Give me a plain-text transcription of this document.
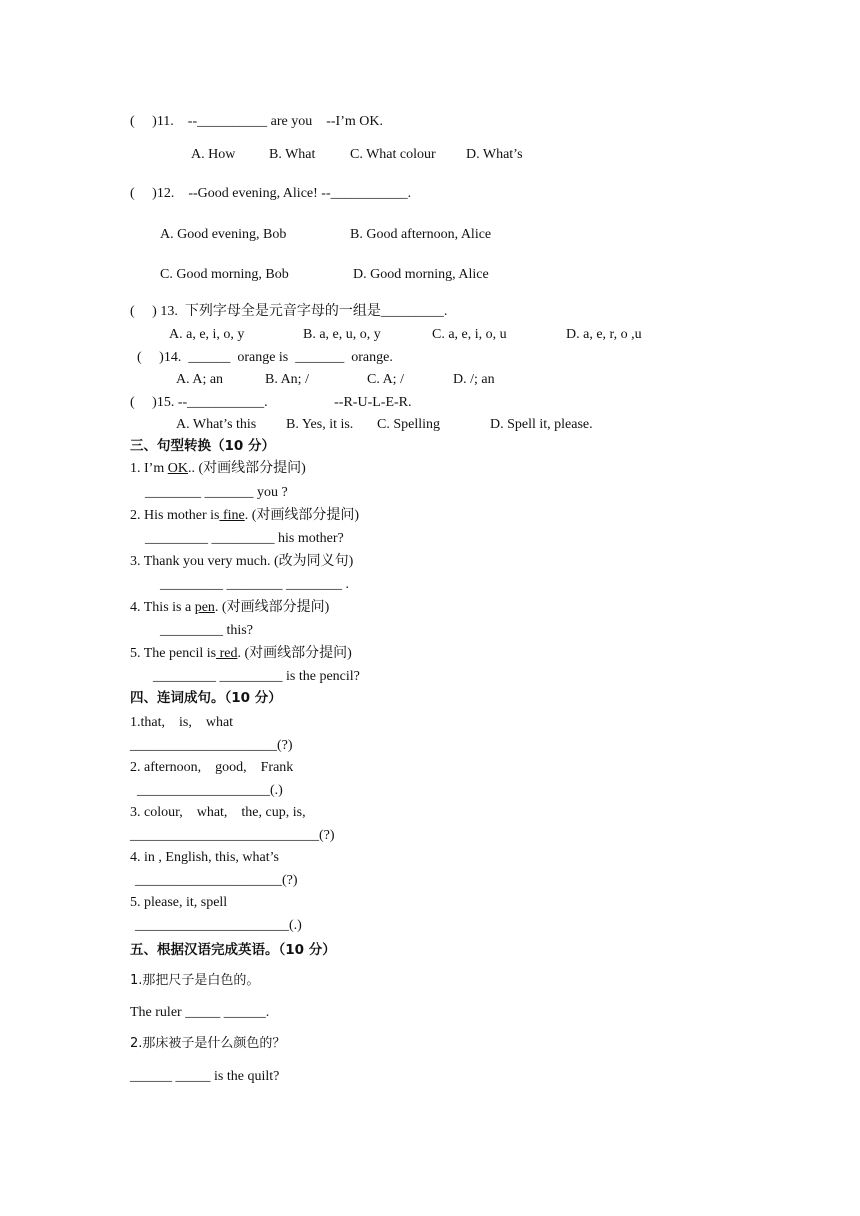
(     )11.    --__________ are you    --I’m OK.
A. How B. What C. What colour D. What’s
(     )12.    --Good evening, Alice! --___________.
A. Good evening, Bob	B. Good afternoon, Alice
C. Good morning, Bob	D. Good morning, Alice
(     ) 13.  下列字母全是元音字母的一组是_________.
A. a, e, i, o, y	B. a, e, u, o, y	C. a, e, i, o, u	D. a, e, r, o ,u
(     )14.  ______  orange is  _______  orange.
A. A; an	B. An; /	C. A; /	D. /; an
(     )15. --___________.                   --R-U-L-E-R.
A. What’s this B. Yes, it is. C. Spelling	D. Spell it, please.
三、句型转换（10 分）
1. I’m OK.. (对画线部分提问)
________ _______ you ?
2. His mother is fine. (对画线部分提问)
_________ _________ his mother?
3. Thank you very much. (改为同义句)
_________ ________ ________ .
4. This is a pen. (对画线部分提问)
_________ this?
5. The pencil is red. (对画线部分提问)
_________ _________ is the pencil?
四、连词成句。（10 分）
1.that,    is,    what
_____________________(?)
2. afternoon,    good,    Frank
___________________(.)
3. colour,    what,    the, cup, is,
___________________________(?)
4. in , English, this, what’s
_____________________(?)
5. please, it, spell
______________________(.)
五、根据汉语完成英语。（10 分）
1.那把尺子是白色的。
The ruler _____ ______.
2.那床被子是什么颜色的？
______ _____ is the quilt?
